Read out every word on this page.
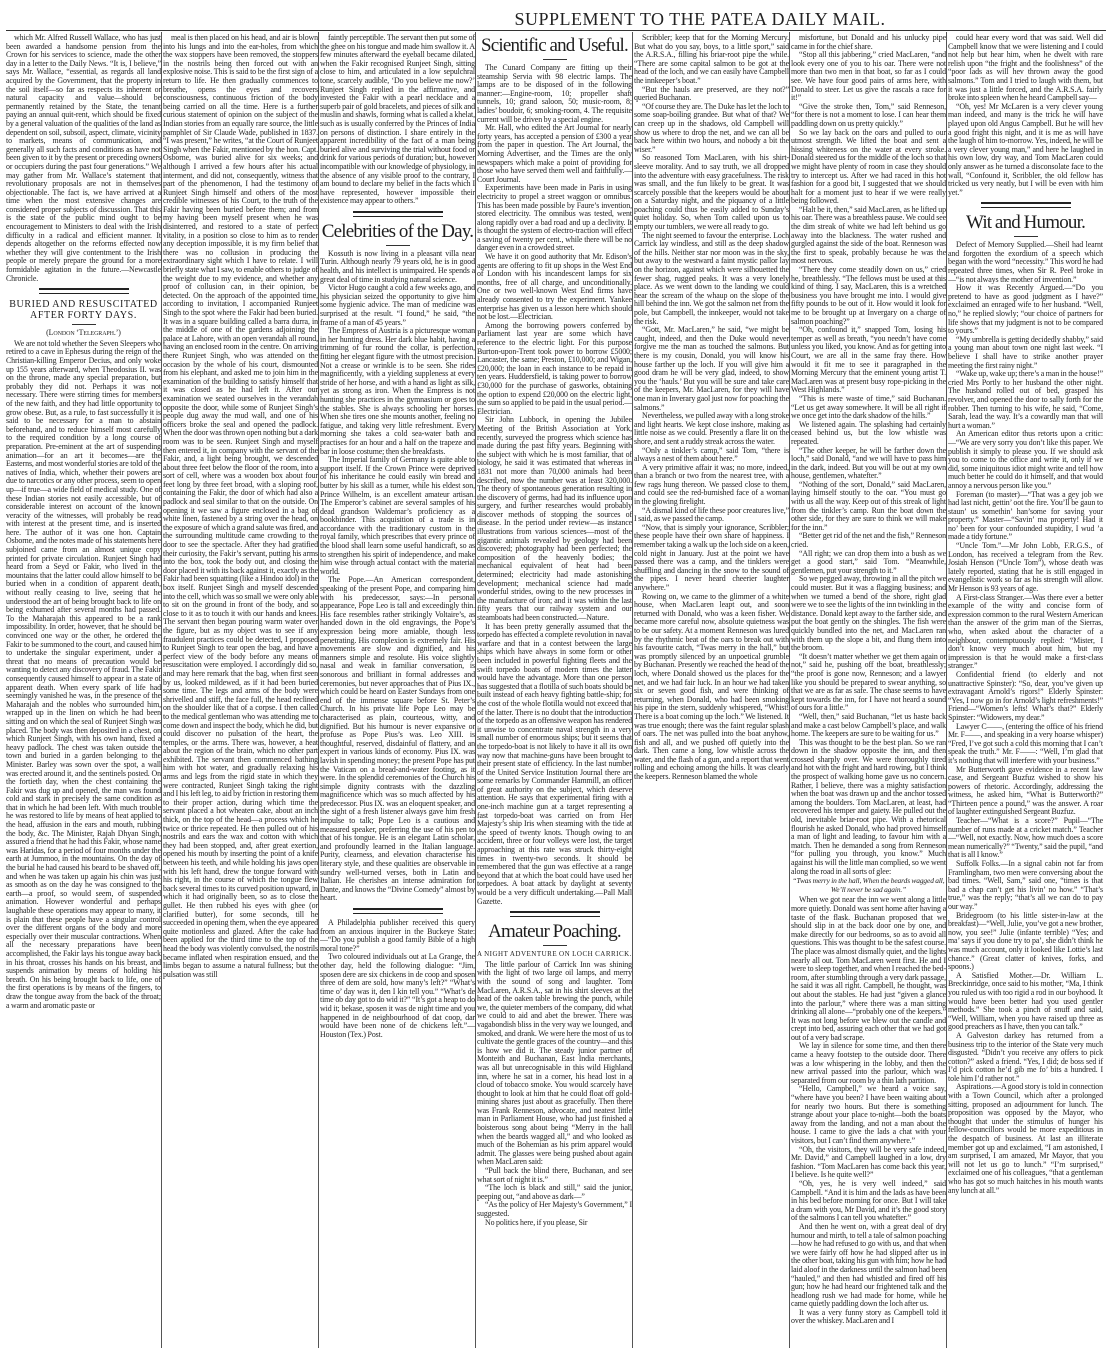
SUPPLEMENT TO THE PATEA DAILY MAIL.

which Mr. Alfred Russell Wallace, who has just been awarded a handsome pension from the Crown for his services to science, made the other day in a letter to the Daily News. “It is, I believe,” says Mr. Wallace, “essential, as regards all land acquired by the Government, that the property in the soil itself—so far as respects its inherent or natural capacity and value—should be permanently retained by the State, the tenant paying an annual quit-rent, which should be fixed by a general valuation of the qualities of the land as dependent on soil, subsoil, aspect, climate, vicinity to markets, means of communication, and generally all such facts and conditions as have not been given to it by the present or preceding owners or occupiers during the past four generations.” We may gather from Mr. Wallace’s statement that revolutionary proposals are not in themselves objectionable. The fact is, we have arrived at a time when the most extensive changes are considered proper subjects of discussion. That this is the state of the public mind ought to be encouragement to Ministers to deal with the Irish difficulty in a radical and efficient manner. It depends altogether on the reforms effected now whether they will give contentment to the Irish people or merely prepare the ground for a more formidable agitation in the future.—Newcastle Chronicle.

BURIED AND RESUSCITATED AFTER FORTY DAYS.
(London ‘Telegraph.’)

We are not told whether the Seven Sleepers who retired to a cave in Ephesus during the reign of the Christian-killing Emperor Decius, and only woke up 155 years afterward, when Theodosius II. was on the throne, made any special preparation, but probably they did not. Perhaps it was not necessary. There were stirring times for members of the new faith, and they had little opportunity to grow obese. But, as a rule, to fast successfully it is said to be necessary for a man to abstain beforehand, and to reduce himself most carefully to the required condition by a long course of preparation. Pre-eminent at the art of suspending animation—for an art it becomes—are the Easterns, and most wonderful stories are told of the natives of India, which, whether their powers are due to narcotics or any other process, seem to open up—if true—a wide field of medical study. One of these Indian stories not easily accessible, but of considerable interest on account of the known veracity of the witnesses, will probably be read with interest at the present time, and is inserted here. The author of it was one hon. Captain Osborne, and the notes made of his statements here subjoined came from an almost unique copy printed for private circulation. Runjeet Singh had heard from a Seyd or Fakir, who lived in the mountains that the latter could allow himself to be buried when in a condition of apparent death, without really ceasing to live, seeing that he understood the art of being brought back to life on being exhumed after several months had passed. To the Maharajah this appeared to be a rank impossibility. In order, however, that he should be convinced one way or the other, he ordered the Fakir to be summoned to the court, and caused him to undertake the singular experiment, under a threat that no means of precaution would be wanting to detect any discovery of fraud. The Fakir consequently caused himself to appear in a state of apparent death. When every spark of life had seemingly vanished he was, in the presence of the Maharajah and the nobles who surrounded him, wrapped up in the linen on which he had been sitting and on which the seal of Runjeet Singh was placed. The body was then deposited in a chest, on which Runjeet Singh, with his own hand, fixed a heavy padlock. The chest was taken outside the town and buried in a garden belonging to the Minister. Barley was sown over the spot, a wall was erected around it, and the sentinels posted. On the fortieth day, when the chest containing the Fakir was dug up and opened, the man was found cold and stark in precisely the same condition as that in which he had been left. With much trouble he was restored to life by means of heat applied to the head, affusion in the ears and mouth, rubbing the body, &c. The Minister, Rajah Dhyan Singh, assured a friend that he had this Fakir, whose name was Haridas, for a period of four months under the earth at Jummoo, in the mountains. On the day of the burial he had caused his beard to be shaved off, and when he was taken up again his chin was just as smooth as on the day he was consigned to the earth—a proof, so would seem, of suspended animation. However wonderful and perhaps laughable these operations may appear to many, it is plain that these people have a singular control over the different organs of the body and more especially over their muscular contractions. When all the necessary preparations have been accomplished, the Fakir lays his tongue away back in his throat, crosses his hands on his breast, and suspends animation by means of holding his breath. On his being brought back to life, one of the first operations is by means of the fingers, to draw the tongue away from the back of the throat; a warm and aromatic paste or

meal is then placed on his head, and air is blown into his lungs and into the ear-holes, from which the wax stoppers have been removed, the stoppers in the nostrils being then forced out with an explosive noise. This is said to be the first sign of a return to life. He then gradually commences to breathe, opens the eyes and recovers consciousness, continuous friction of the body being carried on all the time. Here is a further curious statement of opinion on the subject of the Indian stories from an equally rare source, the little pamphlet of Sir Claude Wade, published in 1837. “I was present,” he writes, “at the Court of Runjeet Singh when the Fakir, mentioned by the hon. Capt. Osborne, was buried alive for six weeks; and although I arrived a few hours after his actual interment, and did not, consequently, witness that part of the phenomenon, I had the testimony of Runjeet Singh himself and others of the most credible witnesses of his Court, to the truth of the Fakir having been buried before them; and from my having been myself present when he was disinterred, and restored to a state of perfect vitality, in a position so close to him as to render any deception impossible, it is my firm belief that there was no collusion in producing the extraordinary sight which I have to relate. I will briefly state what I saw, to enable others to judge of the weight due to my evidence, and whether any proof of collusion can, in their opinion, be detected. On the approach of the appointed time, according to invitation, I accompanied Runjeet Singh to the spot where the Fakir had been buried. It was in a square building called a barra durra, in the middle of one of the gardens adjoining the palace at Lahore, with an open verandah all round, having an enclosed room in the centre. On arriving there Runjeet Singh, who was attended on the occasion by the whole of his court, dismounted from his elephant, and asked me to join him in the examination of the building to satisfy himself that it was closed as he had left it. After our examination we seated ourselves in the verandah opposite the door, while some of Runjeet Singh’s people dug away the mud wall, and one of his officers broke the seal and opened the padlock. When the door was thrown open nothing but a dark room was to be seen. Runjeet Singh and myself then entered it, in company with the servant of the Fakir, and, a light being brought, we descended about three feet below the floor of the room, into a sort of cell, where was a wooden box about four feet long by three feet broad, with a sloping roof, containing the Fakir, the door of which had also a padlock and seal similar to that on the outside. On opening it we saw a figure enclosed in a bag of white linen, fastened by a string over the head, on the exposure of which a grand salute was fired, and the surrounding multitude came crowding to the door to see the spectacle. After they had gratified their curiosity, the Fakir’s servant, putting his arms into the box, took the body out, and closing the door placed it with its back against it, exactly as the Fakir had been squatting (like a Hindoo idol) in the box itself. Runjeet Singh and myself descended into the cell, which was so small we were only able to sit on the ground in front of the body, and so close to it as to touch it with our hands and knees. The servant then began pouring warm water over the figure, but as my object was to see if any fraudulent practices could be detected, I proposed to Runjeet Singh to tear open the bag, and have a perfect view of the body before any means of resuscitation were employed. I accordingly did so, and may here remark that the bag, when first seen by us, looked mildewed, as if it had been buried some time. The legs and arms of the body were shrivelled and stiff, the face full, the head reclined on the shoulder like that of a corpse. I then called to the medical gentleman who was attending me to come down and inspect the body, which he did, but could discover no pulsation of the heart, the temples, or the arms. There was, however, a heat about the region of the brain, which no other part exhibited. The servant then commenced bathing him with hot water, and gradually relaxing his arms and legs from the rigid state in which they were contracted, Runjeet Singh taking the right and I his left leg, to aid by friction in restoring them to their proper action, during which time the servant placed a hot wheaten cake, about an inch thick, on the top of the head—a process which he twice or thrice repeated. He then pulled out of his nostrils and ears the wax and cotton with which they had been stopped, and, after great exertion, opened his mouth by inserting the point of a knife between his teeth, and while holding his jaws open with his left hand, drew the tongue forward with his right, in the course of which the tongue flew back several times to its curved position upward, in which it had originally been, so as to close the gullet. He then rubbed his eyes with ghee (or clarified butter), for some seconds, till he succeeded in opening them, when the eye appeared quite motionless and glazed. After the cake had been applied for the third time to the top of the head the body was violently convulsed, the nostrils became inflated when respiration ensued, and the limbs began to assume a natural fullness; but the pulsation was still

faintly perceptible. The servant then put some of the ghee on his tongue and made him swallow it. A few minutes afterward the eyeball became dilated, when the Fakir recognised Runjeet Singh, sitting close to him, and articulated in a low sepulchral tone, scarcely audible, ‘Do you believe me now?’ Runjeet Singh replied in the affirmative, and invested the Fakir with a pearl necklace and a superb pair of gold bracelets, and pieces of silk and muslin and shawls, forming what is called a khelat, such as is usually conferred by the Princes of India on persons of distinction. I share entirely in the apparent incredibility of the fact of a man being buried alive and surviving the trial without food or drink for various periods of duration; but, however incompatible with our knowledge of physiology, in the absence of any visible proof to the contrary, I am bound to declare my belief in the facts which I have represented, however impossible their existence may appear to others.”

Celebrities of the Day.

Kossuth is now living in a pleasant villa near Turin. Although nearly 79 years old, he is in good health, and his intellect is unimpaired. He spends a great deal of time in studying natural science.

Victor Hugo caught a cold a few weeks ago, and his physician seized the opportunity to give him some hygienic advice. The man of medicine was surprised at the result. “I found,” he said, “the frame of a man of 45 years.”

The Empress of Austria is a picturesque woman in her hunting dress. Her dark blue habit, having a trimming of fur round the collar, is perfection, fitting her elegant figure with the utmost precision. Not a crease or wrinkle is to be seen. She rides magnificently, with a yielding suppleness at every stride of her horse, and with a hand as light as silk, yet as strong as iron. When the Empress is not hunting she practices in the gymnasium or goes to the stables. She is always schooling her horses. When she tires one she mounts another, feeling no fatigue, and taking very little refreshment. Every morning she takes a cold sea-water bath and practises for an hour and a half on the trapeze and bar in loose costume; then she breakfasts.

The Imperial family of Germany is quite able to support itself. If the Crown Prince were deprived of his inheritance he could easily win bread and butter by his skill as a turner, while his eldest son, Prince Wilhelm, is an excellent amateur artisan. The Emperor’s cabinet are several samples of his dead grandson Waldemar’s proficiency as a bookbinder. This acquisition of a trade is in accordance with the traditionary custom in the royal family, which prescribes that every prince of the blood shall learn some useful handicraft, so as to strengthen his spirit of independence, and make him wise through actual contact with the material world.

The Pope.—An American correspondent, speaking of the present Pope, and comparing him with his predecessor, says:—In personal appearance, Pope Leo is tall and exceedingly thin. His face resembles rather strikingly Voltaire’s, as handed down in the old engravings, the Pope’s expression being more amiable, though less penetrating. His complexion is extremely fair. His movements are slow and dignified, and his manners simple and resolute. His voice slightly nasal and weak in familiar conversation, is sonorous and brilliant in formal addresses and ceremonies, but never approaches that of Pius IX., which could be heard on Easter Sundays from one end of the immense square before St. Peter’s Church. In his private life Pope Leo may be characterised as plain, courteous, witty, and dignified. But his humour is never expansive or profuse as Pope Pius’s was. Leo XIII. is thoughtful, reserved, disdainful of flattery, and an expert in various kinds of economy. Pius IX. was lavish in spending money; the present Pope has put the Vatican on a bread-and-water footing, as it were. In the splendid ceremonies of the Church his simple dignity contrasts with the dazzling magnificence which was so much affected by his predecessor. Pius IX. was an eloquent speaker, and the sight of a fresh listener always gave him fresh impulse to talk; Pope Leo is a cautious and measured speaker, preferring the use of his pen to that of his tongue. He is an elegant Latin scholar, and profoundly learned in the Italian language. Purity, clearness, and elevation characterise his literary style, and these qualities are observable in sundry well-turned verses, both in Latin and Italian. He cherishes an intense admiration for Dante, and knows the “Divine Comedy” almost by heart.

A Philadelphia publisher received this query from an anxious inquirer in the Buckeye State:—“Do you publish a good family Bible of a high moral tone?”

Two coloured individuals out at La Grange, the other day, held the following dialogue: “Jim, sposen dere are six chickens in de coop and sposen three of dem are sold, how many’s left?” “What’s time o’ day was it, den I kin tell you.” “What’s de time ob day got to do wid it?” “It’s got a heap to do wid it; bekase, sposen it was de night time and you happened in de neighbourhood of dat coop, dar would have been none of de chickens left.”—Houston (Tex.) Post.

Scientific and Useful.

The Cunard Company are fitting up their steamship Servia with 98 electric lamps. The lamps are to be disposed of in the following manner:—Engine-room, 10; propeller shaft tunnels, 10; grand saloon, 50; music-room, 8; ladies’ boudoir, 6; smoking-room, 4. The requisite current will be driven by a special engine.

Mr. Hall, who edited the Art Journal for nearly forty years, has accepted a pension of £300 a year from the paper in question. The Art Journal, the Morning Advertiser, and the Times are the only newspapers which make a point of providing for those who have served them well and faithfully.—Court Journal.

Experiments have been made in Paris in using electricity to propel a street waggon or omnibus. This has been made possible by Faure’s invention, stored electricity. The omnibus was tested, went along rapidly over a bad road and up a declivity. It is thought the system of electro-traction will effect a saving of twenty per cent., while there will be no danger even in a crowded street.

We have it on good authority that Mr. Edison’s agents are offering to fit up shops in the West End of London with his incandescent lamps for six months, free of all charge, and unconditionally. One or two well-known West End firms have already consented to try the experiment. Yankee enterprise has given us a lesson here which should not be lost.—Electrician.

Among the borrowing powers conferred by Parliament last year are some which have reference to the electric light. For this purpose Burton-upon-Trent took power to borrow £5000; Lancaster, the same; Preston, £10,000; and Wigan, £20,000; the loan in each instance to be repaid in ten years. Huddersfield, is taking power to borrow £30,000 for the purchase of gasworks, obtaining the option to expend £20,000 on the electric light, the sum so applied to be paid in the usual period.—Electrician.

Sir John Lubbock, in opening the Jubilee Meeting of the British Association at York, recently, surveyed the progress which science has made during the past fifty years. Beginning with the subject with which he is most familiar, that of biology, he said it was estimated that whereas in 1831 not more than 70,000 animals had been described, now the number was at least 320,000. The theory of spontaneous generation resulting in the discovery of germs, had had its influence upon surgery, and further researches would probably discover methods of stopping the sources of disease. In the period under review—as instance illustrations from various sciences—most of the gigantic animals revealed by geology had been discovered; photography had been perfected; the composition of the heavenly bodies; the mechanical equivalent of heat had been determined; electricity had made astonishing development; mechanical science had made wonderful strides, owing to the new processes in the manufacture of iron; and it was within the last fifty years that our railway system and our steamboats had been constructed.—Nature.

It has been pretty generally assumed that the torpedo has effected a complete revolution in naval warfare and that in a contest between the large ships which have always in some form or other been included in powerful fighting fleets and the swift torpedo boats of modern times the latter would have the advantage. More than one person has suggested that a flotilla of such boats should be built instead of each heavy fighting battle-ship; for the cost of the whole flotilla would not exceed that of the latter. There is no doubt that the introduction of the torpedo as an offensive weapon has rendered it unwise to concentrate naval strength in a very small number of enormous ships; but it seems that the torpedo-boat is not likely to have it all its own way now that machine-guns have been brought to their present state of efficiency. In the last number of the United Service Institution Journal there are some remarks by Commander Hammill, an officer of great authority on the subject, which deserve attention. He says that experimental firing with a one-inch machine gun at a target representing a fast torpedo-boat was carried on from Her Majesty’s ship Iris when steaming with the tide at the speed of twenty knots. Though owing to an accident, three or four volleys were lost, the target approaching at this rate was struck thirty-eight times in twenty-two seconds. It should be remembered that the gun was effective at a range beyond that at which the boat could have used her torpedoes. A boat attack by daylight at seventy would be a very difficult undertaking.—Pall Mall Gazette.

Amateur Poaching.
A NIGHT ADVENTURE ON LOCH CARRICK.

The little parlour of Carrick Inn was shining with the light of two large oil lamps, and merry with the sound of song and laughter. Tom MacLaren, A.R.S.A., sat in his shirt sleeves at the head of the oaken table brewing the punch, while we, the quieter members of the company, did what we could to aid and abet the brewer. There was vagabondish bliss in the very way we lounged, and smoked, and drank. We were here the most of us to cultivate the gentle graces of the country—and this is how we did it. The steady junior partner of Monteith and Buchanan, East India merchants, was all but unrecognisable in this wild Highland inn, where he sat in a corner, his head lost in a cloud of tobacco smoke. You would scarcely have thought to look at him that he could float off gold-mining shares just about as gracefully. Then there was Frank Renneson, advocate, and neatest little man in Parliament House, who had just finished a boisterous song about being “Merry in the hall when the beards wagged all,” and who looked as much of the Bohemian as his prim apparel would admit. The glasses were being pushed about again when MacLaren said:

“Pull back the blind there, Buchanan, and see what sort of night it is.”

“The loch is black and still,” said the junior, peeping out, “and above as dark—”

“As the policy of Her Majesty’s Government,” I suggested.

No politics here, if you please, Sir

Scribbler; keep that for the Morning Mercury. But what do you say, boys, to a little sport,” said the A.R.S.A., filling his briar-root pipe the while. “There are some capital salmon to be got at the head of the loch, and we can easily have Campbell the innkeeper’s boat.”

“But the hauls are preserved, are they not?” queried Buchanan.

“Of course they are. The Duke has let the loch to some soap-boiling grandee. But what of that? We can creep up in the shadows, old Campbell will show us where to drop the net, and we can all be back here within two hours, and nobody a bit the wiser.”

So reasoned Tom MacLaren, with his shirt-sleeve morality. And to say truth, we all dropped into the adventure with easy gracefulness. The risk was small, and the fun likely to be great. It was scarcely possible that the keepers would be about on a Saturday night, and the piquancy of a little poaching could thus be easily added to Sunday’s quiet holiday. So, when Tom called upon us to empty our tumblers, we were all ready to go.

The night seemed to favour the enterprise. Loch Carrick lay windless, and still as the deep shadow of the hills. Neither star nor moon was in the sky, but away to the westward a faint mystic pallor lay on the horizon, against which were silhouetted the fewer shag, rugged peaks. It was a very lonely place. As we went down to the landing we could hear the scream of the whaup on the slope of the hill behind the inn. We got the salmon net from the pole, but Campbell, the innkeeper, would not take the risk.

“Gott, Mr. MacLaren,” he said, “we might be caught, indeed, and then the Duke would never forgive me the man as touched the salmons. But there is my cousin, Donald, you will know his house farther up the loch. If you will give him a good dram he will be very glad, indeed, to show you the ‘hauls.’ But you will be sure and take care of the keepers, Mr. MacLaren, for they will have one man in Inverary gaol just now for poaching the salmons.”

Nevertheless, we pulled away with a long stroke and light hearts. We kept close inshore, making as little noise as we could. Presently a flare lit on the shore, and sent a ruddy streak across the water.

“Only a tinkler’s camp,” said Tom, “there is always a nest of them about here.”

A very primitive affair it was; no more, indeed, than a branch or two from the nearest tree, with a few rags hung thereon. We passed close to them, and could see the red-burnished face of a woman in the glowing firelight.

“A dismal kind of life these poor creatures live,” I said, as we passed the camp.

“Now, that is simply your ignorance, Scribbler; these people have their own share of happiness. I remember taking a walk up the loch side on a keen, cold night in January. Just at the point we have passed there was a camp, and the tinklers were shuffling and dancing in the snow to the sound of the pipes. I never heard cheerier laughter anywhere.”

Rowing on, we came to the glimmer of a white house, when MacLaren leapt out, and soon returned with Donald, who was a keen fisher. We became more careful now, absolute quietness was to be our safety. At a moment Renneson was lured by the rhythmic beat of the oars to break out with his favourite catch, “Twas merry in the hall,” but was promptly silenced by an unpoetical grumble by Buchanan. Presently we reached the head of the loch, where Donald showed us the places for the net, and we had fair luck. In an hour we had taken six or seven good fish, and were thinking of returning, when Donald, who had been smoking his pipe in the stern, suddenly whispered, “Whist! There is a boat coming up the loch.” We listened. It was true enough; there was the faint regular splash of oars. The net was pulled into the boat anyhow, fish and all, and we pushed off quietly into the dark. Then came a long, low whistle across the water, and the flash of a gun, and a report that went rolling and echoing among the hills. It was clearly the keepers. Renneson blamed the whole

misfortune, but Donald and his unlucky pipe came in for the chief share.

“Stop all this jabbering,” cried MacLaren, “and look every one of you to his oar. There were not more than two men in that boat, so far as I could see. We have four good pairs of arms here, with Donald to steer. Let us give the rascals a race for it!”

“Give the stroke then, Tom,” said Renneson, “for there is not a moment to lose. I can hear them paddling down on us pretty quickly.”

So we lay back on the oars and pulled to our utmost strength. We lifted the boat and sent a hissing whiteness on the water at every stroke. Donald steered us for the middle of the loch so that we might have plenty of room in case they should try to intercept us. After we had raced in this hot fashion for a good bit, I suggested that we should halt for a moment just to hear if we were really being followed.

“Halt be it, then,” said MacLaren, as he lifted up his oar. There was a breathless pause. We could see the dim streak of white we had left behind us go away into the blackness. The water rushed and gurgled against the side of the boat. Renneson was the first to speak, probably because he was the most nervous.

“There they come steadily down on us,” cried he, breathlessly. “The fellows must be used at this kind of thing. I say, MacLaren, this is a wretched business you have brought me into. I would give fifty pounds to be out of it. How would it look for me to be brought up at Invergary on a charge of salmon poaching?”

“Oh, confound it,” snapped Tom, losing his temper as well as breath, “you needn’t have come unless you liked, you know. And as for getting into Court, we are all in the same fray there. How would it fit me to see it paragraphed in the Morning Mercury that the eminent young artist T. MacLaren was at present busy rope-picking in the West Highlands.”

“This is mere waste of time,” said Buchanan. “Let us get away somewhere. It will be all right if we once get into the dark shadow of the hills.”

We listened again. The splashing had certainly ceased behind us, but the low whistle was repeated.

“The other keeper, he will be farther down the loch,” said Donald, “and we will have to pass him in the dark, indeed. But you will be out at my own house, gentlemen, whatefter.”

“Nothing of the sort, Donald,” said MacLaren, laying himself stoutly to the oar. “You must go with us all the way. Keep out of this streak of light from the tinkler’s camp. Run the boat down the other side, for they are sure to think we will make for the inn.”

“Better get rid of the net and the fish,” Renneson cried.

“All right; we can drop them into a bush as we get a good start,” said Tom. “Meanwhile, gentlemen, put your strength to it.”

So we pegged away, throwing in all the pitch we could muster. But it was a flagging business; and when we turned a bend of the shore, right glad were we to see the lights of the inn twinkling in the distance. Donald kept away to the farther side, and put the boat gently on the shingles. The fish were quickly bundled into the net, and MacLaren ran with them up the slope a bit, and flung them into the broom.

“It doesn’t matter whether we get them again or not,” said he, pushing off the boat, breathlessly; “the proof is gone now, Renneson; and a lawyer like you should be prepared to swear anything, so that we are as far as safe. The chase seems to have kept towards the inn, for I have not heard a sound of ours for a little.”

“Well, then,” said Buchanan, “let us haste back and make a cast below Campbell’s place, and walk home. The keepers are sure to be waiting for us.”

This was thought to be the best plan. So we ran down in the shadow opposite the inn, and then crossed sharply over. We were thoroughly tired and hot with the fright and hard rowing, but I think the prospect of walking home gave us no concern. Rather, I believe, there was a mighty satisfaction when the boat was drawn up and the anchor tossed among the boulders. Tom MacLaren, at least, had recovered his temper and gaiety. He pulled out the old, inevitable briar-root pipe. With a rhetorical flourish he asked Donald, who had proved himself a man of light and leading, to favour him with a match. Then he demanded a song from Renneson “for pulling you through, you know.” Much against his will the little man complied, so we went along the road in all sorts of glee:

“Twas merry in the hall, When the beards wagged all, We’ll never be sad again.”

When we got near the inn we went along a little more quietly. Donald was sent home after having a taste of the flask. Buchanan proposed that we should slip in at the back door one by one, and make directly for our bedrooms, so as to avoid all questions. This was thought to be the safest course. The place was almost dismally quiet, and the lights nearly all out. Tom MacLaren went first. He and I were to sleep together, and when I reached the bed-room, after stumbling through a very dark passage, he said it was all right. Campbell, he thought, was out about the stables. He had just “given a glance into the parlour,” where there was a man sitting drinking all alone—“probably one of the keepers.” It was not long before we blew out the candle and crept into bed, assuring each other that we had got out of a very bad scrape.

We lay in silence for some time, and then there came a heavy footstep to the outside door. There was a low whispering in the lobby, and then the new arrival passed into the parlour, which was separated from our room by a thin lath partition.

“Hello, Campbell,” we heard a voice say, “where have you been? I have been waiting about for nearly two hours. But there is something strange about your place to-night—both the boats away from the landing, and not a man about the house. I came to give the lads a chat with your visitors, but I can’t find them anywhere.”

“Oh, the visitors, they will be very safe indeed, Mr. David,” and Campbell laughed in a low, dry fashion. “Tom MacLaren has come back this year, I believe. Is he quite well?”

“Oh, yes, he is very well indeed,” said Campbell. “And it is him and the lads as have been in his bed before morning for once. But I will take a dram with you, Mr David, and it’s the good story of the salmons I can tell you whatefter.”

And then he went on, with a great deal of dry humour and mirth, to tell a tale of salmon poaching—how he had refused to go with us, and that when we were fairly off how he had slipped after us in the other boat, taking his gun with him; how he had laid aloof in the darkness until the salmon had been “hauled,” and then had whistled and fired off his gun; how he had heard our frightened talk and the headlong rush we had made for home, while he came quietly paddling down the loch after us.

It was a very funny story as Campbell told it over the whiskey. MacLaren and I

could hear every word that was said. Well did Campbell know that we were listening and I could not help but hear him, when he dwelt with rare relish upon “the fright and the foolishness” of the “poor lads as will hev thrown away the good salmons.” Tom and I tried to laugh with them, but it was just a little forced, and the A.R.S.A. fairly broke into spleen when he heard Campbell say—

“Oh, yes! Mr McLaren is a very clever young man indeed, and many is the trick he will have played upon old Angus Campbell. But he will hev a good fright this night, and it is me as will have the laugh of him to-morrow. Yes, indeed, he will be a very clever young man,” and here he laughed in his own low, dry way, and Tom MacLaren could only answer as he turned a disconsolate face to the wall, “Confound it, Scribbler, the old fellow has tricked us very neatly, but I will be even with him yet.”

Wit and Humour.

Defect of Memory Supplied.—Sheil had learnt and forgotten the exordium of a speech which began with the word “necessity.” This word he had repeated three times, when Sir R. Peel broke in—“is not always the mother of invention.”

How it was Recently Argued.—“Do you pretend to have as good judgment as I have?” exclaimed an enraged wife to her husband. “Well, no,” he replied slowly; “our choice of partners for life shows that my judgment is not to be compared to yours.”

“My umbrella is getting decidedly shabby,” said a young man about town one night last week. “I believe I shall have to strike another prayer meeting the first rainy night.”

“Wake up, wake up; there’s a man in the house!” cried Mrs Portly to her husband the other night. The husband rolled out of bed, grasped his revolver, and opened the door to sally forth for the robber. Then turning to his wife, he said, “Come, Sarah, lead the way. It’s a cowardly man that will hurt a woman.”

An American editor thus retorts upon a critic:—“We are very sorry you don’t like this paper. We publish it simply to please you. If we should ask you to come to the office and write it, only if we did, some iniquitous idiot might write and tell how much better he could do it himself, and that would annoy a nervous person like you.”

Foreman (to master)—“That was a gey job we had last nicht, gettin’ oot the fire. You’ll be gaun to staun’ us somethin’ han’some for saving your property.” Master—“Savin’ ma property! Had it no’ been for your confounded stupidity, I wud ’a made a tidy fortune.”

“Uncle Tom.”—Mr John Lobb, F.R.G.S., of London, has received a telegram from the Rev. Josiah Henson (“Uncle Tom”), whose death was lately reported, stating that he is still engaged in evangelistic work so far as his strength will allow. Mr Henson is 93 years of age.

A First-class Stranger.—Was there ever a better example of the witty and concise form of expression common to the rural Western American than the answer of the grim man of the Sierras, who, when asked about the character of a neighbour, contemptuously replied: “Mister, I don’t know very much about him, but my impression is that he would make a first-class stranger.”

Confidential friend (to elderly and not unattractive Spinster): “So, dear, you’ve given up extravagant Arnold’s rigors!” Elderly Spinster: “Yes, I now go in for Arnold’s light refreshments!” Friend—“Women’s lefts! What’s that?” Elderly Spinster: “Widowers, my dear.”

Lawyer C——, (entering the office of his friend Mr. F——, and speaking in a very hoarse whisper) “Fred, I’ve got such a cold this morning that I can’t speak the truth.” Mr. F——: “Well, I’m glad that it’s nothing that will interfere with your business.”

Mr Butterworth gave evidence in a recent law case, and Sergeant Buzfuz wished to show his powers of rhetoric. Accordingly, addressing the witness, he asked him, “What is Butterworth?” “Thirteen pence a pound,” was the answer. A roar of laughter extinguished Sergeant Buzfuz.

Teacher—“What is a score?” Pupil—“The number of runs made at a cricket match.” Teacher—“Well, not exactly. Now, how much does a score mean numerically?” “Twenty,” said the pupil, “and that is all I know.”

Suffolk Folks.—In a signal cabin not far from Framlingham, two men were conversing about the bad times. “Well, Sam,” said one, “times is that bad a chap can’t get his livin’ no how.” “That’s true,” was the reply; “that’s all we can do to pay our way.”

Bridegroom (to his little sister-in-law at the breakfast)—“Well, Julie, you’ve got a new brother, now, you see!” Julie (infante terrible) “Yes; and ma’ says if you done try to pa’, she didn’t think he was much account, only it looked like Lottie’s last chance.” (Great clatter of knives, forks, and spoons.)

A Satisfied Mother.—Dr. William L. Breckinridge, once said to his mother, “Ma, I think you ruled us with too rigid a rod in our boyhood. It would have been better had you used gentler methods.” She took a pinch of snuff and said, “Well, William, when you have raised up three as good preachers as I have, then you can talk.”

A Galveston darkey has returned from a business trip to the interior of the State very much disgusted. “Didn’t you receive any offers to pick cotton?” asked a friend. “Yes, I did; de boss sed if I’d pick cotton he’d gib me fo’ bits a hundred. I tole him I’d rather not.”

Aspirations.—A good story is told in connection with a Town Council, which after a prolonged sitting, proposed an adjournment for lunch. The proposition was opposed by the Mayor, who thought that under the stimulus of hunger his fellow-councillors would be more expeditious in the despatch of business. At last an illiterate member got up and exclaimed, “I am astonished, I am surprised, I am amazed, Mr Mayor, that you will not let us go to lunch.” “I’m surprised,” exclaimed one of his colleagues, “that a gentleman who has got so much haitches in his mouth wants any lunch at all.”
